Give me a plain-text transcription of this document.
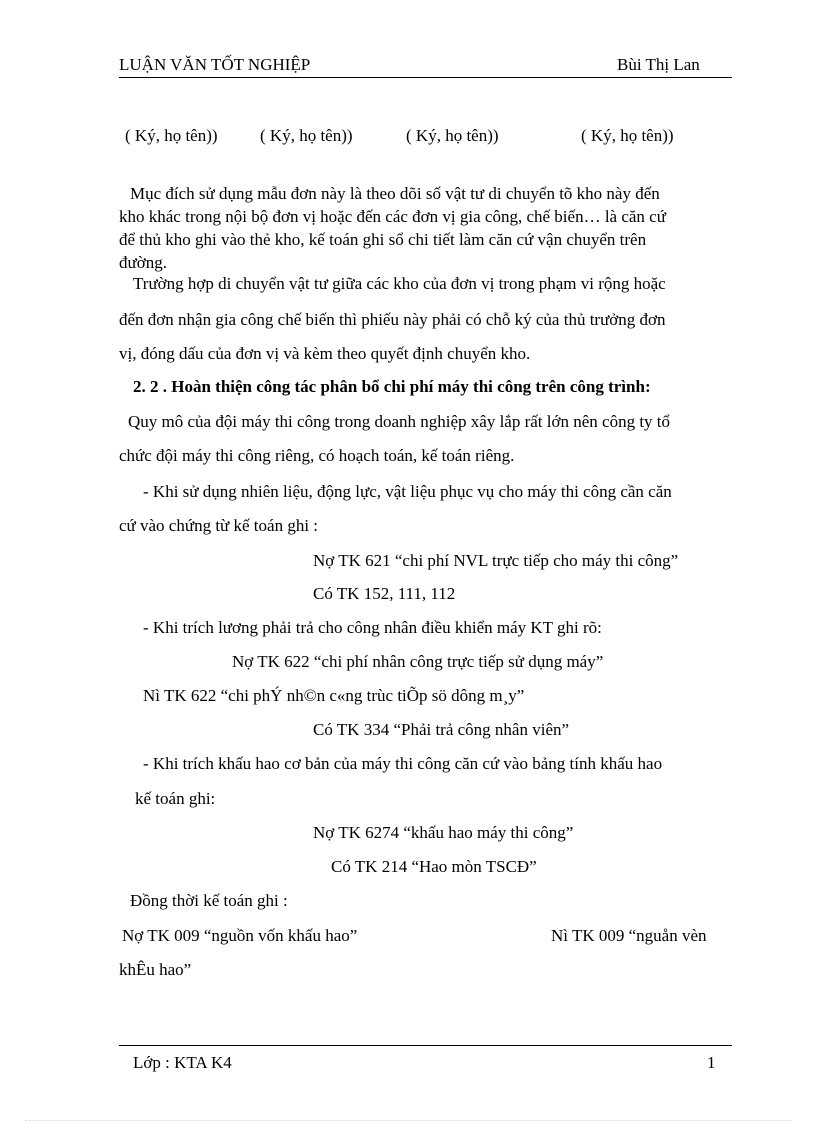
LUẬN VĂN TỐT NGHIỆP	Bùi Thị Lan
( Ký, họ tên)) ( Ký, họ tên))	( Ký, họ tên))	( Ký, họ tên))
Mục đích sử dụng mẫu đơn này là theo dõi số vật tư di chuyển tõ kho này đến
kho khác trong nội bộ đơn vị hoặc đến các đơn vị gia công, chế biến… là căn cứ
để thủ kho ghi vào thẻ kho, kế toán ghi sổ chi tiết làm căn cứ vận chuyển trên
đường.
Trường hợp di chuyển vật tư giữa các kho của đơn vị trong phạm vi rộng hoặc
đến đơn nhận gia công chế biến thì phiếu này phải có chỗ ký của thủ trưởng đơn
vị, đóng dấu của đơn vị và kèm theo quyết định chuyển kho.
2. 2 . Hoàn thiện công tác phân bổ chi phí máy thi công trên công trình:
Quy mô của đội máy thi công trong doanh nghiệp xây lắp rất lớn nên công ty tổ
chức đội máy thi công riêng, có hoạch toán, kế toán riêng.
- Khi sử dụng nhiên liệu, động lực, vật liệu phục vụ cho máy thi công cần căn
cứ vào chứng từ kế toán ghi :
Nợ TK 621 “chi phí NVL trực tiếp cho máy thi công”
Có TK 152, 111, 112
- Khi trích lương phải trả cho công nhân điều khiển máy KT ghi rõ:
Nợ TK 622 “chi phí nhân công trực tiếp sử dụng máy”
Nì TK 622 “chi phÝ nh©n c«ng trùc tiÕp sö dông m¸y”
Có TK 334 “Phải trả công nhân viên”
- Khi trích khấu hao cơ bản của máy thi công căn cứ vào bảng tính khấu hao
kế toán ghi:
Nợ TK 6274 “khấu hao máy thi công”
Có TK 214 “Hao mòn TSCĐ”
Đồng thời kế toán ghi :
Nợ TK 009 “nguồn vốn khấu hao”	Nì TK 009 “nguån vèn
khÊu hao”
Lớp : KTA K4	1
